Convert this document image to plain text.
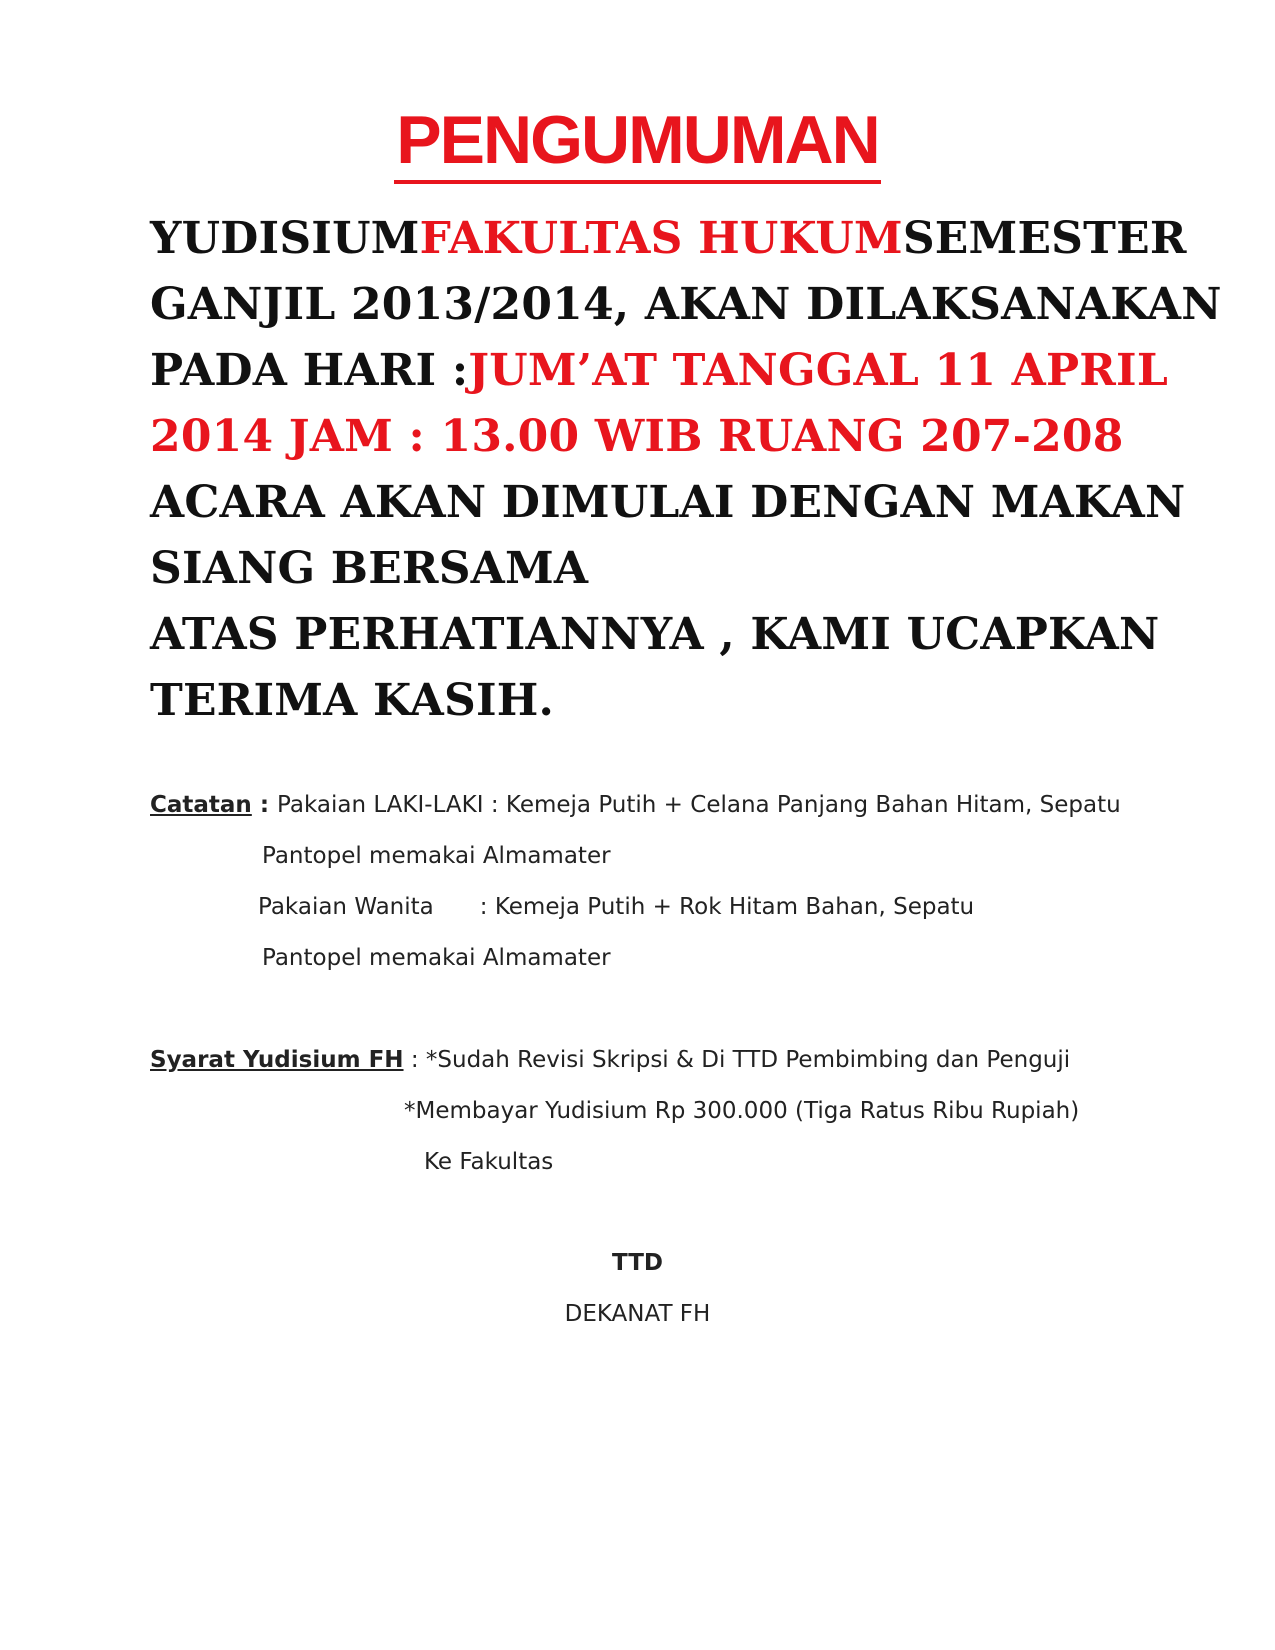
PENGUMUMAN
YUDISIUM FAKULTAS HUKUM SEMESTER
GANJIL 2013/2014, AKAN DILAKSANAKAN
PADA HARI : JUM’AT TANGGAL 11 APRIL
2014 JAM : 13.00 WIB RUANG 207-208
ACARA AKAN DIMULAI DENGAN MAKAN
SIANG BERSAMA
ATAS PERHATIANNYA , KAMI UCAPKAN
TERIMA KASIH.
Catatan : Pakaian LAKI-LAKI : Kemeja Putih + Celana Panjang Bahan Hitam, Sepatu
Pantopel memakai Almamater
Pakaian Wanita : Kemeja Putih + Rok Hitam Bahan, Sepatu
Pantopel memakai Almamater
Syarat Yudisium FH : *Sudah Revisi Skripsi & Di TTD Pembimbing dan Penguji
*Membayar Yudisium Rp 300.000 (Tiga Ratus Ribu Rupiah)
Ke Fakultas
TTD
DEKANAT FH
